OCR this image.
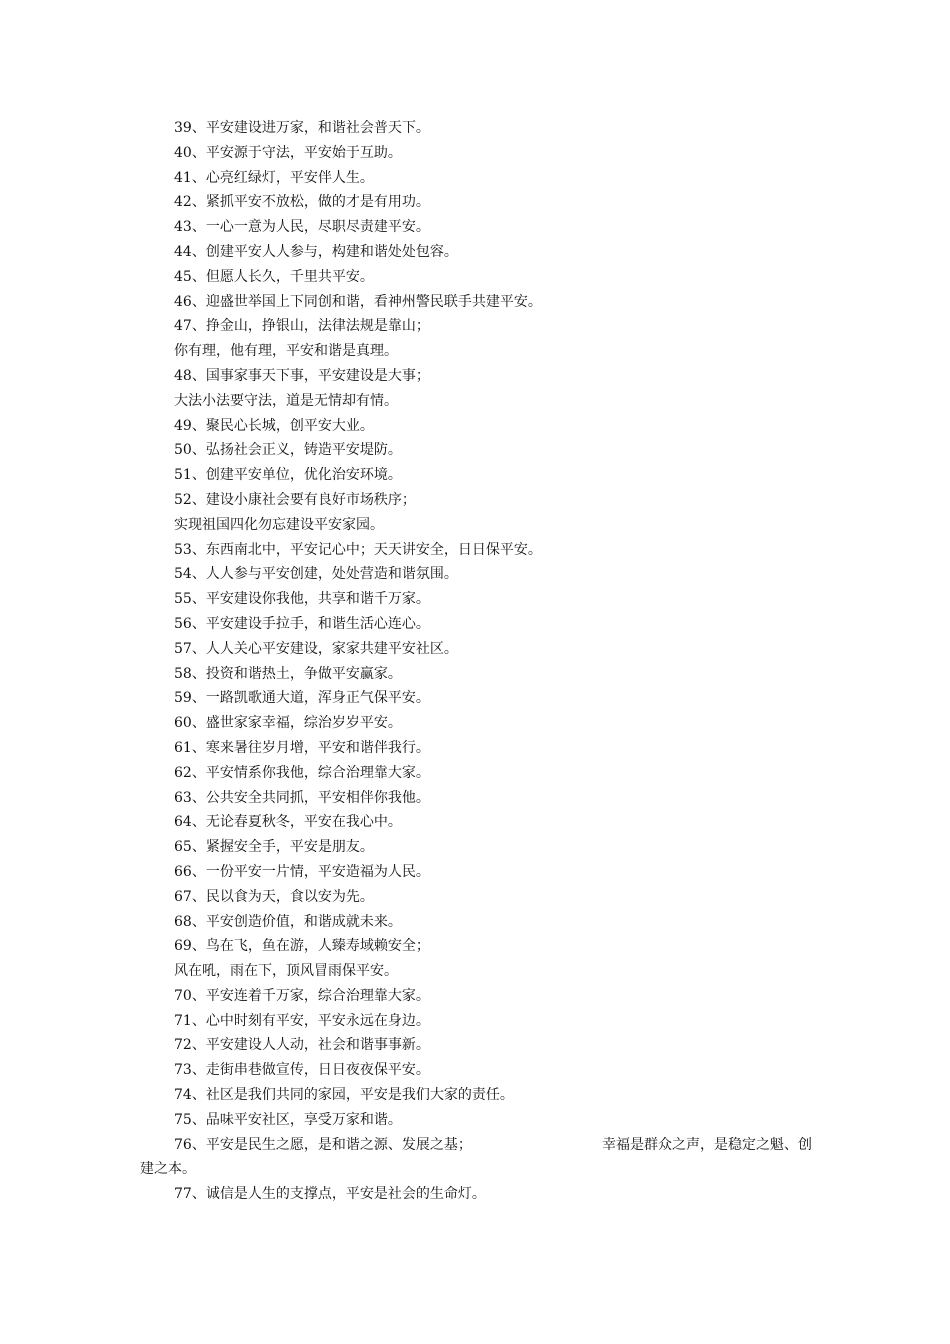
39、平安建设进万家，和谐社会普天下。
40、平安源于守法，平安始于互助。
41、心亮红绿灯，平安伴人生。
42、紧抓平安不放松，做的才是有用功。
43、一心一意为人民，尽职尽责建平安。
44、创建平安人人参与，构建和谐处处包容。
45、但愿人长久，千里共平安。
46、迎盛世举国上下同创和谐，看神州警民联手共建平安。
47、挣金山，挣银山，法律法规是靠山；
你有理，他有理，平安和谐是真理。
48、国事家事天下事，平安建设是大事；
大法小法要守法，道是无情却有情。
49、聚民心长城，创平安大业。
50、弘扬社会正义，铸造平安堤防。
51、创建平安单位，优化治安环境。
52、建设小康社会要有良好市场秩序；
实现祖国四化勿忘建设平安家园。
53、东西南北中，平安记心中；天天讲安全，日日保平安。
54、人人参与平安创建，处处营造和谐氛围。
55、平安建设你我他，共享和谐千万家。
56、平安建设手拉手，和谐生活心连心。
57、人人关心平安建设，家家共建平安社区。
58、投资和谐热土，争做平安赢家。
59、一路凯歌通大道，浑身正气保平安。
60、盛世家家幸福，综治岁岁平安。
61、寒来暑往岁月增，平安和谐伴我行。
62、平安情系你我他，综合治理靠大家。
63、公共安全共同抓，平安相伴你我他。
64、无论春夏秋冬，平安在我心中。
65、紧握安全手，平安是朋友。
66、一份平安一片情，平安造福为人民。
67、民以食为天，食以安为先。
68、平安创造价值，和谐成就未来。
69、鸟在飞，鱼在游，人臻寿域赖安全；
风在吼，雨在下，顶风冒雨保平安。
70、平安连着千万家，综合治理靠大家。
71、心中时刻有平安，平安永远在身边。
72、平安建设人人动，社会和谐事事新。
73、走街串巷做宣传，日日夜夜保平安。
74、社区是我们共同的家园，平安是我们大家的责任。
75、品味平安社区，享受万家和谐。
76、平安是民生之愿，是和谐之源、发展之基；	幸福是群众之声，是稳定之魁、创
建之本。
77、诚信是人生的支撑点，平安是社会的生命灯。
